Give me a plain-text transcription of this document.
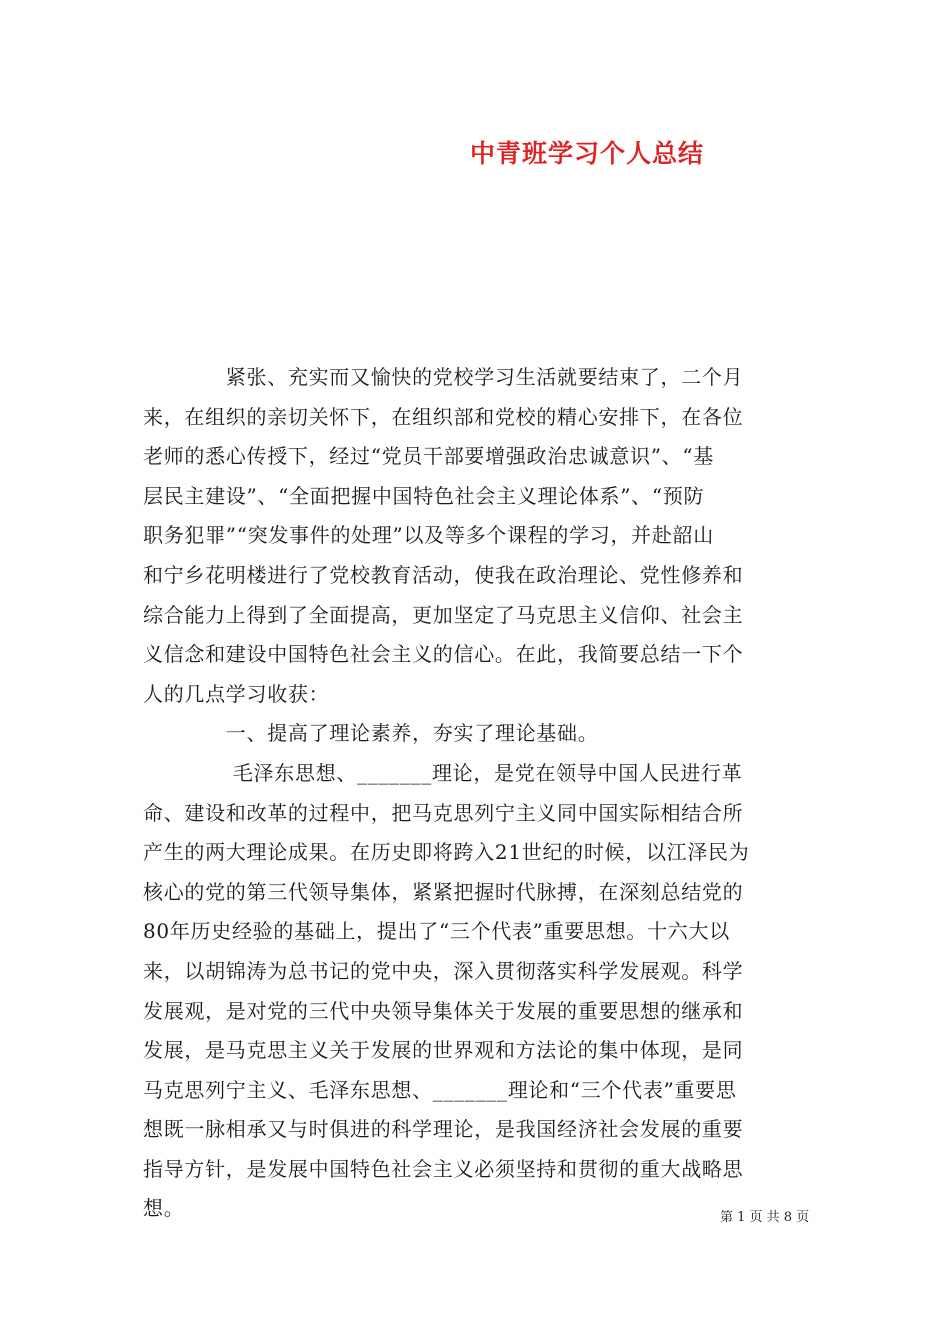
中青班学习个人总结
　　　　紧张、充实而又愉快的党校学习生活就要结束了，二个月
来，在组织的亲切关怀下，在组织部和党校的精心安排下，在各位
老师的悉心传授下，经过“党员干部要增强政治忠诚意识”、“基
层民主建设”、“全面把握中国特色社会主义理论体系”、“预防
职务犯罪”“突发事件的处理”以及等多个课程的学习，并赴韶山
和宁乡花明楼进行了党校教育活动，使我在政治理论、党性修养和
综合能力上得到了全面提高，更加坚定了马克思主义信仰、社会主
义信念和建设中国特色社会主义的信心。在此，我简要总结一下个
人的几点学习收获：
　　　　一、提高了理论素养，夯实了理论基础。
　　　　 毛泽东思想、_______理论，是党在领导中国人民进行革
命、建设和改革的过程中，把马克思列宁主义同中国实际相结合所
产生的两大理论成果。在历史即将跨入21世纪的时候，以江泽民为
核心的党的第三代领导集体，紧紧把握时代脉搏，在深刻总结党的
80年历史经验的基础上，提出了“三个代表”重要思想。十六大以
来，以胡锦涛为总书记的党中央，深入贯彻落实科学发展观。科学
发展观，是对党的三代中央领导集体关于发展的重要思想的继承和
发展，是马克思主义关于发展的世界观和方法论的集中体现，是同
马克思列宁主义、毛泽东思想、_______理论和“三个代表”重要思
想既一脉相承又与时俱进的科学理论，是我国经济社会发展的重要
指导方针，是发展中国特色社会主义必须坚持和贯彻的重大战略思
想。	第 1 页 共 8 页
